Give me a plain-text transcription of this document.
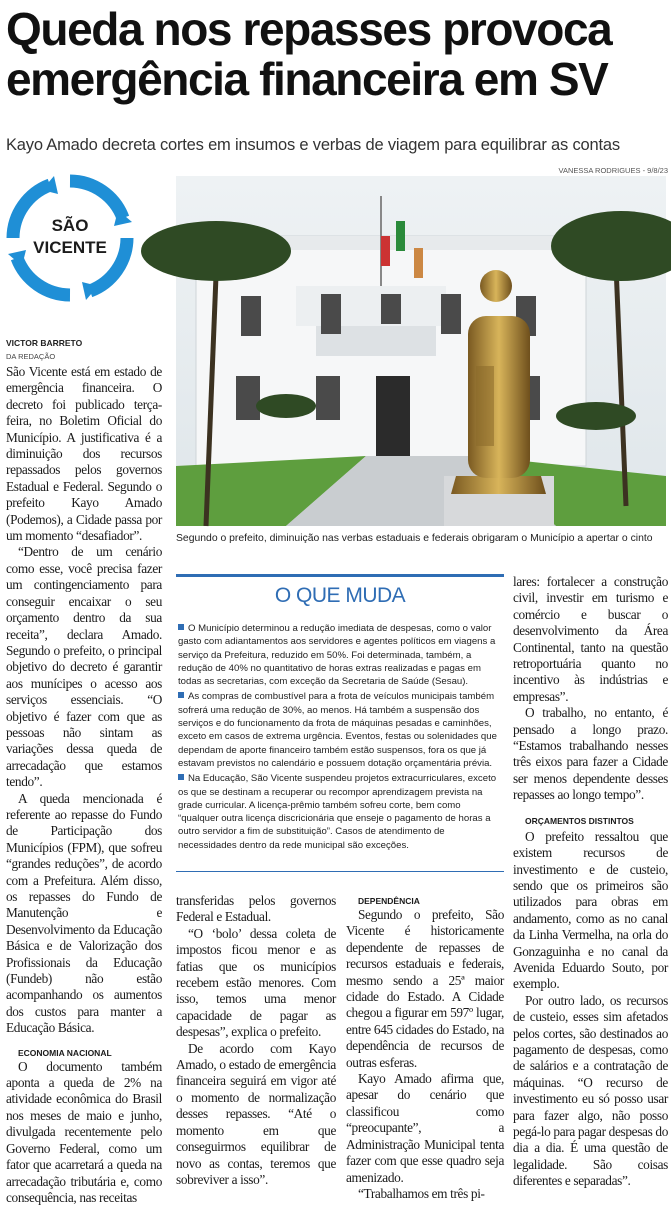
Queda nos repasses provoca
emergência financeira em SV
Kayo Amado decreta cortes em insumos e verbas de viagem para equilibrar as contas
SÃO
VICENTE
VANESSA RODRIGUES - 9/8/23
Segundo o prefeito, diminuição nas verbas estaduais e federais obrigaram o Município a apertar o cinto
VICTOR BARRETO
DA REDAÇÃO

São Vicente está em estado de emergência financeira. O decreto foi publicado terça-feira, no Boletim Oficial do Município. A justificativa é a diminuição dos recursos repassados pelos governos Estadual e Federal. Segundo o prefeito Kayo Amado (Podemos), a Cidade passa por um momento “desafiador”.

“Dentro de um cenário como esse, você precisa fazer um contingenciamento para conseguir encaixar o seu orçamento dentro da sua receita”, declara Amado. Segundo o prefeito, o principal objetivo do decreto é garantir aos munícipes o acesso aos serviços essenciais. “O objetivo é fazer com que as pessoas não sintam as variações dessa queda de arrecadação que estamos tendo”.

A queda mencionada é referente ao repasse do Fundo de Participação dos Municípios (FPM), que sofreu “grandes reduções”, de acordo com a Prefeitura. Além disso, os repasses do Fundo de Manutenção e Desenvolvimento da Educação Básica e de Valorização dos Profissionais da Educação (Fundeb) não estão acompanhando os aumentos dos custos para manter a Educação Básica.

ECONOMIA NACIONAL

O documento também aponta a queda de 2% na atividade econômica do Brasil nos meses de maio e junho, divulgada recentemente pelo Governo Federal, como um fator que acarretará a queda na arrecadação tributária e, como consequência, nas receitas

O QUE MUDA
O Município determinou a redução imediata de despesas, como o valor gasto com adiantamentos aos servidores e agentes políticos em viagens a serviço da Prefeitura, reduzido em 50%. Foi determinada, também, a redução de 40% no quantitativo de horas extras realizadas e pagas em todas as secretarias, com exceção da Secretaria de Saúde (Sesau).
As compras de combustível para a frota de veículos municipais também sofrerá uma redução de 30%, ao menos. Há também a suspensão dos serviços e do funcionamento da frota de máquinas pesadas e caminhões, exceto em casos de extrema urgência. Eventos, festas ou solenidades que dependam de aporte financeiro também estão suspensos, fora os que já estavam previstos no calendário e possuem dotação orçamentária prévia.
Na Educação, São Vicente suspendeu projetos extracurriculares, exceto os que se destinam a recuperar ou recompor aprendizagem prevista na grade curricular. A licença-prêmio também sofreu corte, bem como “qualquer outra licença discricionária que enseje o pagamento de horas a outro servidor a fim de substituição”. Casos de atendimento de necessidades dentro da rede municipal são exceções.

transferidas pelos governos Federal e Estadual.

“O ‘bolo’ dessa coleta de impostos ficou menor e as fatias que os municípios recebem estão menores. Com isso, temos uma menor capacidade de pagar as despesas”, explica o prefeito.

De acordo com Kayo Amado, o estado de emergência financeira seguirá em vigor até o momento de normalização desses repasses. “Até o momento em que conseguirmos equilibrar de novo as contas, teremos que sobreviver a isso”.

DEPENDÊNCIA

Segundo o prefeito, São Vicente é historicamente dependente de repasses de recursos estaduais e federais, mesmo sendo a 25ª maior cidade do Estado. A Cidade chegou a figurar em 597º lugar, entre 645 cidades do Estado, na dependência de recursos de outras esferas.

Kayo Amado afirma que, apesar do cenário que classificou como “preocupante”, a Administração Municipal tenta fazer com que esse quadro seja amenizado.

“Trabalhamos em três pi-

lares: fortalecer a construção civil, investir em turismo e comércio e buscar o desenvolvimento da Área Continental, tanto na questão retroportuária quanto no incentivo às indústrias e empresas”.

O trabalho, no entanto, é pensado a longo prazo. “Estamos trabalhando nesses três eixos para fazer a Cidade ser menos dependente desses repasses ao longo tempo”.

ORÇAMENTOS DISTINTOS

O prefeito ressaltou que existem recursos de investimento e de custeio, sendo que os primeiros são utilizados para obras em andamento, como as no canal da Linha Vermelha, na orla do Gonzaguinha e no canal da Avenida Eduardo Souto, por exemplo.

Por outro lado, os recursos de custeio, esses sim afetados pelos cortes, são destinados ao pagamento de despesas, como de salários e a contratação de máquinas. “O recurso de investimento eu só posso usar para fazer algo, não posso pegá-lo para pagar despesas do dia a dia. É uma questão de legalidade. São coisas diferentes e separadas”.
